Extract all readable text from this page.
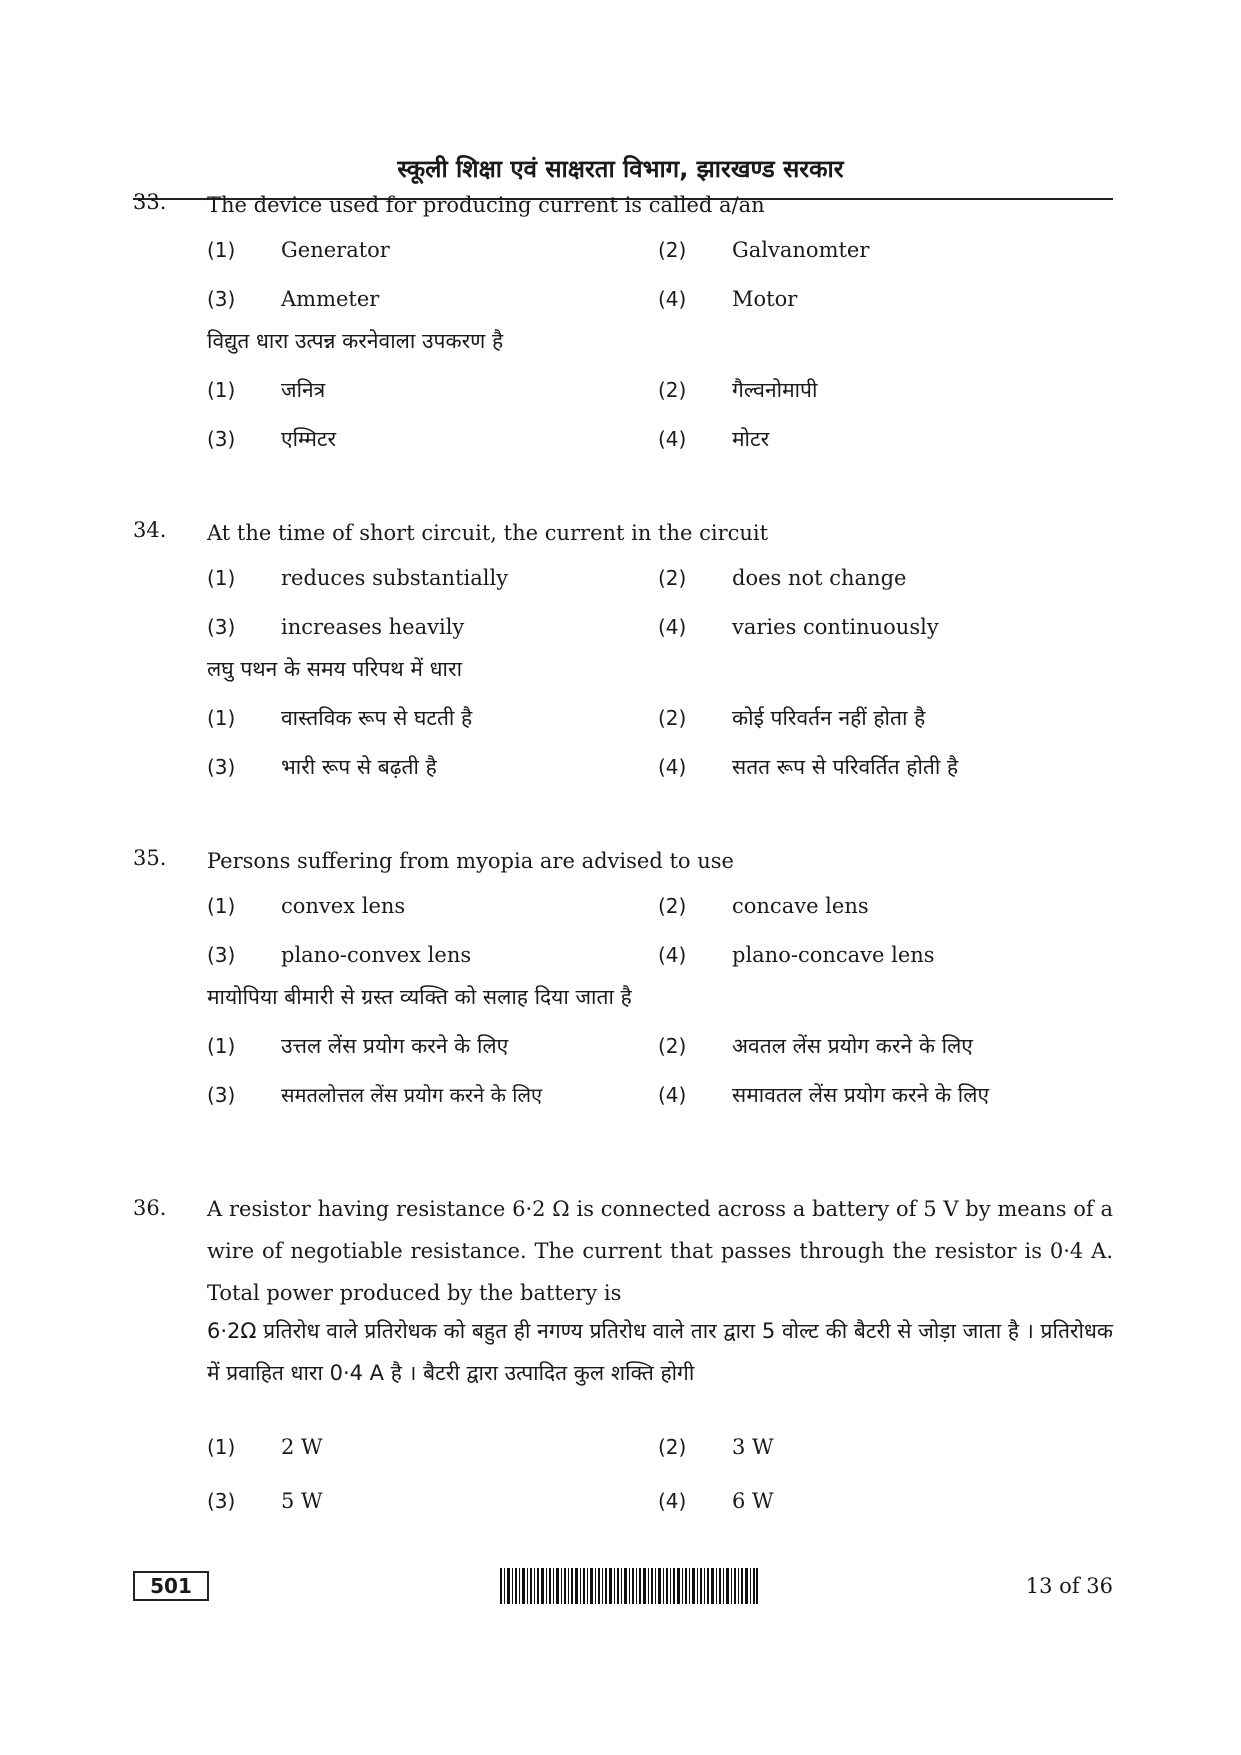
स्कूली शिक्षा एवं साक्षरता विभाग, झारखण्ड सरकार
33. The device used for producing current is called a/an
(1) Generator	(2) Galvanomter
(3) Ammeter	(4) Motor
विद्युत धारा उत्पन्न करनेवाला उपकरण है
(1) जनित्र	(2) गैल्वनोमापी
(3) एम्मिटर	(4) मोटर
34. At the time of short circuit, the current in the circuit
(1) reduces substantially	(2) does not change
(3) increases heavily	(4) varies continuously
लघु पथन के समय परिपथ में धारा
(1) वास्तविक रूप से घटती है	(2) कोई परिवर्तन नहीं होता है
(3) भारी रूप से बढ़ती है	(4) सतत रूप से परिवर्तित होती है
35. Persons suffering from myopia are advised to use
(1) convex lens	(2) concave lens
(3) plano-convex lens	(4) plano-concave lens
मायोपिया बीमारी से ग्रस्त व्यक्ति को सलाह दिया जाता है
(1) उत्तल लेंस प्रयोग करने के लिए	(2) अवतल लेंस प्रयोग करने के लिए
(3) समतलोत्तल लेंस प्रयोग करने के लिए	(4) समावतल लेंस प्रयोग करने के लिए
36. A resistor having resistance 6·2 Ω is connected across a battery of 5 V by means of a wire of negotiable resistance. The current that passes through the resistor is 0·4 A. Total power produced by the battery is
6·2Ω प्रतिरोध वाले प्रतिरोधक को बहुत ही नगण्य प्रतिरोध वाले तार द्वारा 5 वोल्ट की बैटरी से जोड़ा जाता है । प्रतिरोधक में प्रवाहित धारा 0·4 A है । बैटरी द्वारा उत्पादित कुल शक्ति होगी
(1) 2 W	(2) 3 W
(3) 5 W	(4) 6 W
501	13 of 36
